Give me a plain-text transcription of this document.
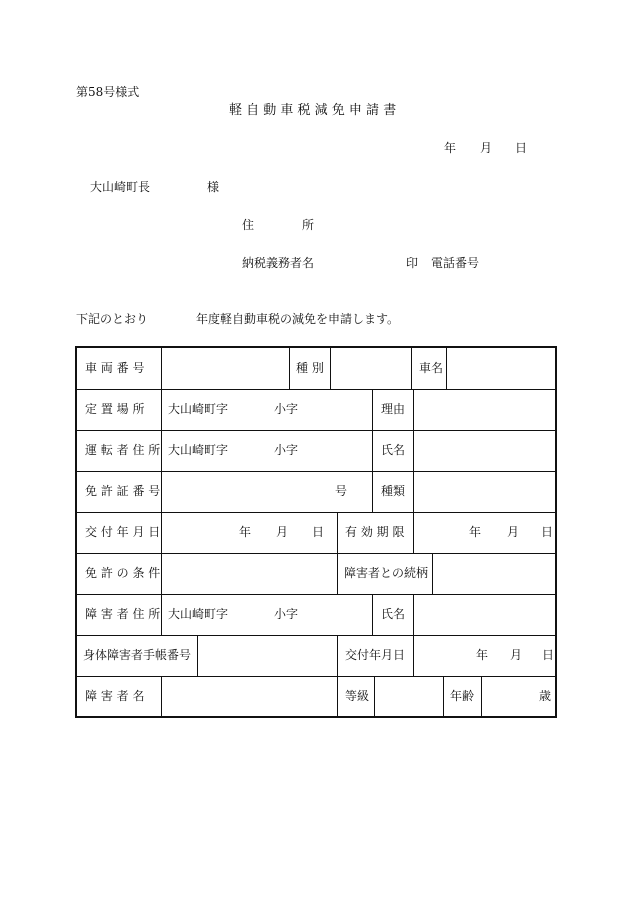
第58号様式
軽 自 動 車 税 減 免 申 請 書
年 月 日
大山崎町長	様
住	所
納税義務者名	印 電話番号
下記のとおり	年度軽自動車税の減免を申請します。
車 両 番 号	種 別	車名
定 置 場 所 大山崎町字	小字	理由
運 転 者 住 所 大山崎町字	小字	氏名
免 許 証 番 号	号	種類
交 付 年 月 日	年 月 日 有 効 期 限	年 月 日
免 許 の 条 件	障害者との続柄
障 害 者 住 所 大山崎町字	小字	氏名
身体障害者手帳番号	交付年月日	年 月 日
障 害 者 名	等級	年齢	歳
